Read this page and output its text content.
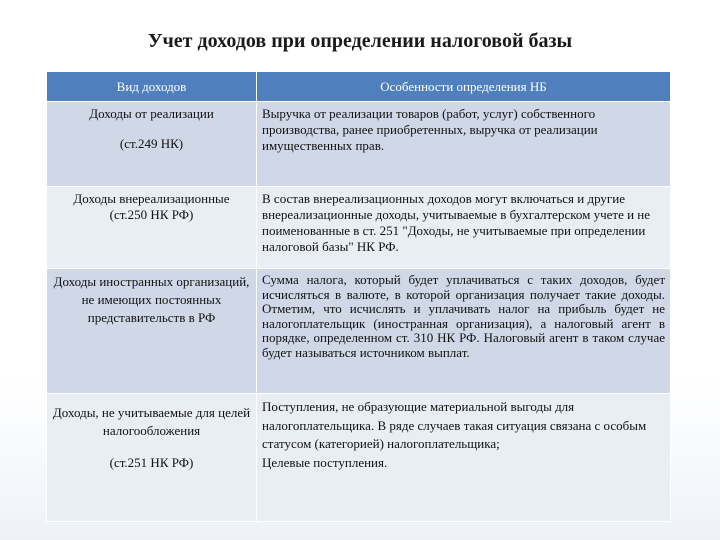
Учет доходов при определении налоговой базы
Вид доходов	Особенности определения НБ
Доходы от реализации
(ст.249 НК)	Выручка от реализации товаров (работ, услуг) собственного производства, ранее приобретенных, выручка от реализации имущественных прав.
Доходы внереализационные
(ст.250 НК РФ)	В состав внереализационных доходов могут включаться и другие внереализационные доходы, учитываемые в бухгалтерском учете и не поименованные в ст. 251 "Доходы, не учитываемые при определении налоговой базы" НК РФ.
Доходы иностранных организаций, не имеющих постоянных представительств в РФ	Сумма налога, который будет уплачиваться с таких доходов, будет исчисляться в валюте, в которой организация получает такие доходы. Отметим, что исчислять и уплачивать налог на прибыль будет не налогоплательщик (иностранная организация), а налоговый агент в порядке, определенном ст. 310 НК РФ. Налоговый агент в таком случае будет называться источником выплат.
Доходы, не учитываемые для целей налогообложения
(ст.251 НК РФ)	Поступления, не образующие материальной выгоды для налогоплательщика. В ряде случаев такая ситуация связана с особым статусом (категорией) налогоплательщика;
Целевые поступления.
